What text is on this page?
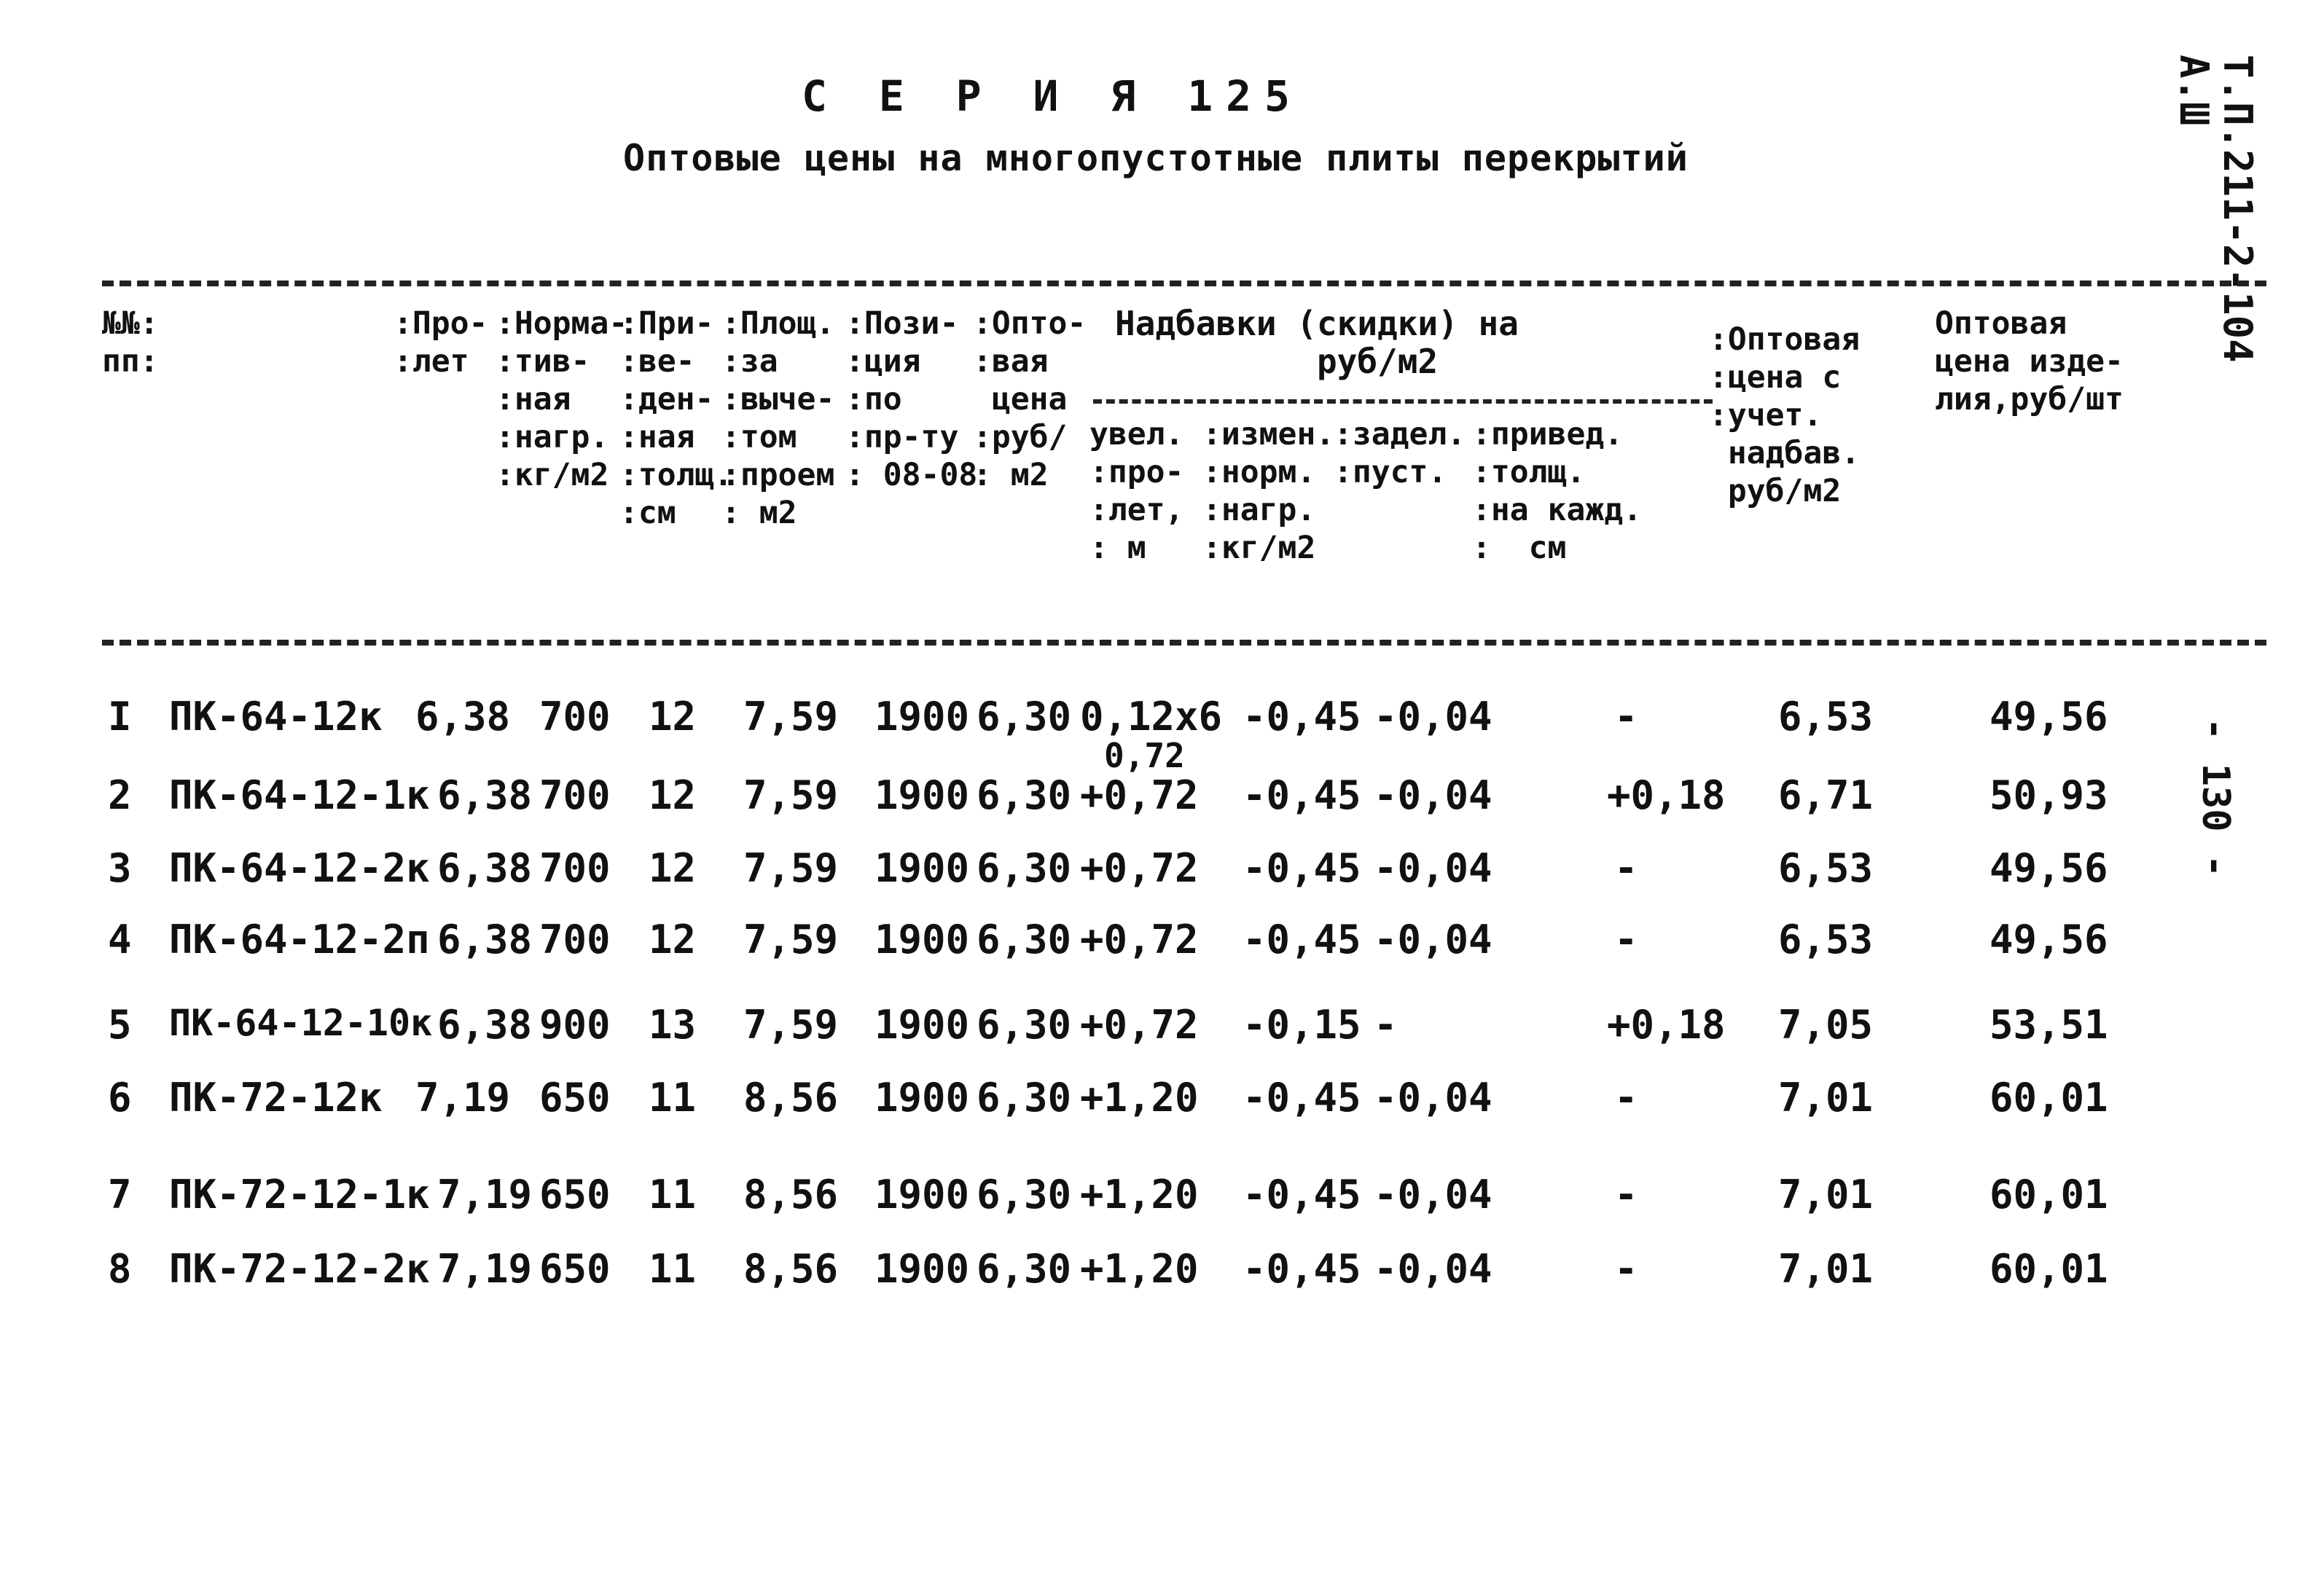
С Е Р И Я 125
Оптовые цены на многопустотные плиты перекрытий	Т.П.211-2-104
А.Ш
- 130 -
№№:
пп:
:Про-
:лет
:Норма-
:тив-
:ная
:нагр.
:кг/м2
:При-
:ве-
:ден-
:ная
:толщ.
:см
:Площ.
:за
:выче-
:том
:проем
: м2
:Пози-
:ция
:по
:пр-ту
: 08-08
:Опто-
:вая
цена
:руб/
: м2
Надбавки (скидки) на
руб/м2
увел.
:про-
:лет,
: м
:измен.
:норм.
:нагр.
:кг/м2
:задел.
:пуст.
:привед.
:толщ.
:на кажд.
:  см
:Оптовая
:цена с
:учет.
надбав.
руб/м2
Оптовая
цена изде-
лия,руб/шт
I ПК-64-12к 6,38 700 12 7,59 1900 6,30 0,12х6 -0,45 -0,04	-	6,53	49,56
0,72
2 ПК-64-12-1к 6,38 700 12 7,59 1900 6,30 +0,72 -0,45 -0,04	+0,18 6,71	50,93
3 ПК-64-12-2к 6,38 700 12 7,59 1900 6,30 +0,72 -0,45 -0,04	-	6,53	49,56
4 ПК-64-12-2п 6,38 700 12 7,59 1900 6,30 +0,72 -0,45 -0,04	-	6,53	49,56
5 ПК-64-12-10к 6,38 900 13 7,59 1900 6,30 +0,72 -0,15 -	+0,18 7,05	53,51
6 ПК-72-12к 7,19 650 11 8,56 1900 6,30 +1,20 -0,45 -0,04	-	7,01	60,01
7 ПК-72-12-1к 7,19 650 11 8,56 1900 6,30 +1,20 -0,45 -0,04	-	7,01	60,01
8 ПК-72-12-2к 7,19 650 11 8,56 1900 6,30 +1,20 -0,45 -0,04	-	7,01	60,01
